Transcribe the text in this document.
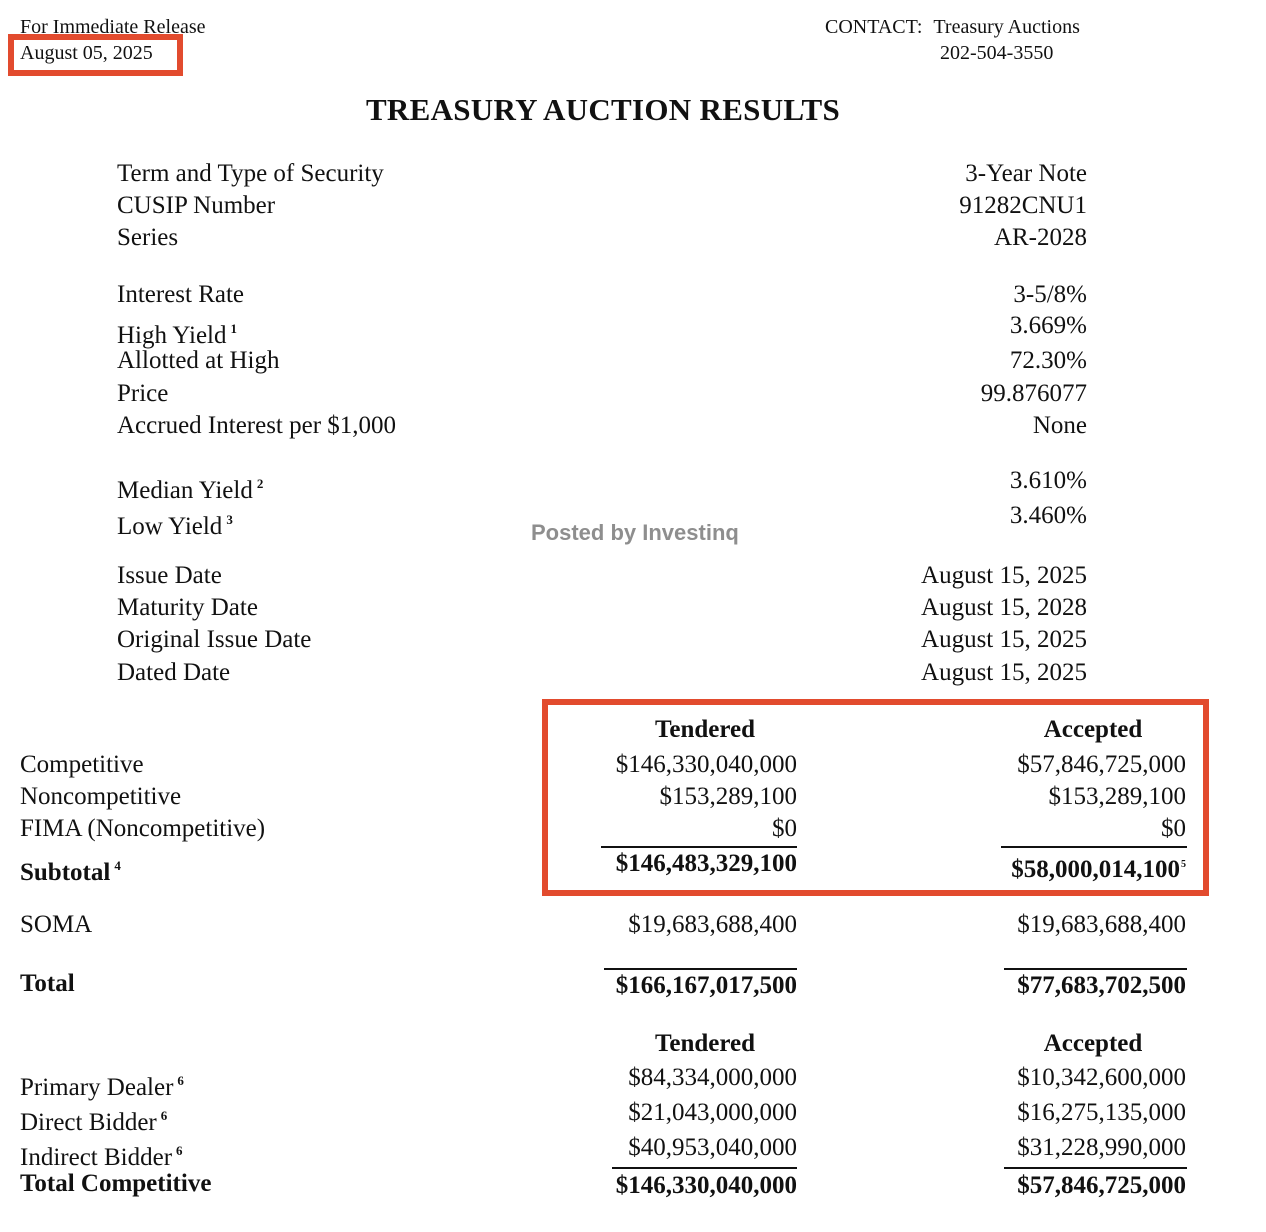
For Immediate Release
August 05, 2025
CONTACT: Treasury Auctions
202-504-3550
TREASURY AUCTION RESULTS
Term and Type of Security	3-Year Note
CUSIP Number	91282CNU1
Series	AR-2028
Interest Rate	3-5/8%
High Yield $^1$	3.669%
Allotted at High	72.30%
Price	99.876077
Accrued Interest per $1,000	None
Median Yield $^2$	3.610%
Low Yield $^3$	3.460%
Posted by Investinq
Issue Date	August 15, 2025
Maturity Date	August 15, 2028
Original Issue Date	August 15, 2025
Dated Date	August 15, 2025
Tendered	Accepted
Competitive	$146,330,040,000	$57,846,725,000
Noncompetitive	$153,289,100	$153,289,100
FIMA (Noncompetitive)	$0	$0
Subtotal $^4$	$146,483,329,100	$58,000,014,100$^5$
SOMA	$19,683,688,400	$19,683,688,400
Total	$166,167,017,500	$77,683,702,500
Tendered	Accepted
Primary Dealer $^6$	$84,334,000,000	$10,342,600,000
Direct Bidder $^6$	$21,043,000,000	$16,275,135,000
Indirect Bidder $^6$	$40,953,040,000	$31,228,990,000
Total Competitive	$146,330,040,000	$57,846,725,000
